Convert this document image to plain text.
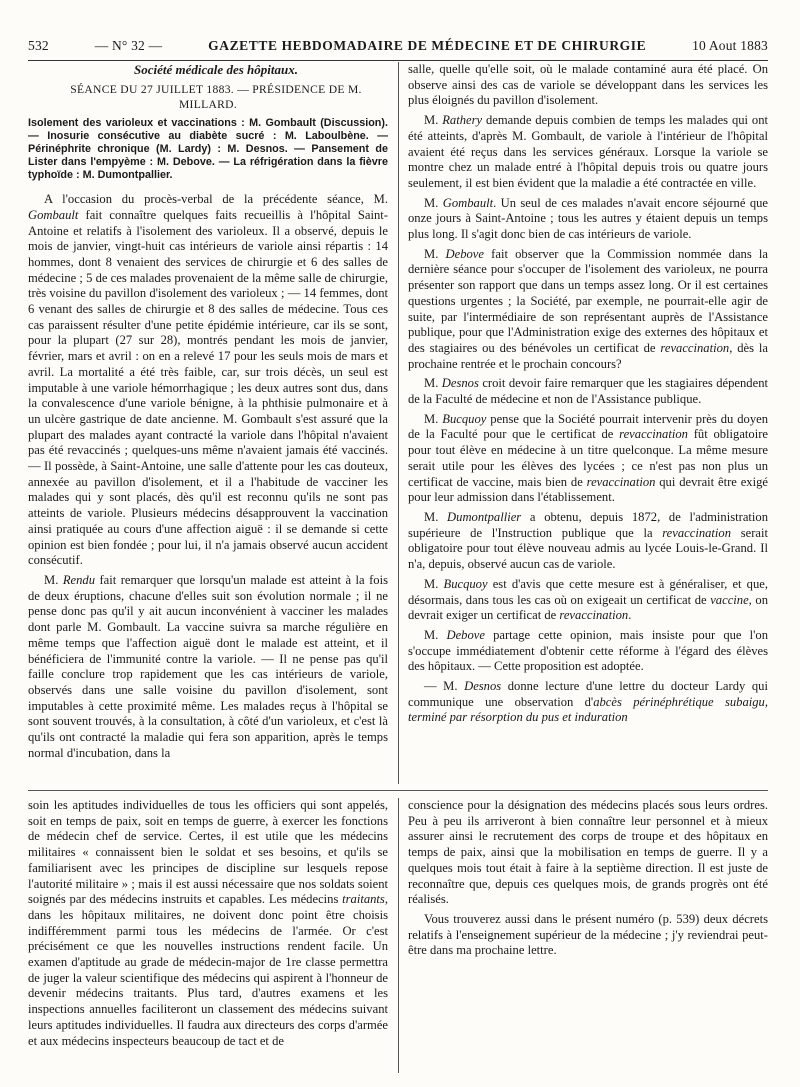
532	— N° 32 —	GAZETTE HEBDOMADAIRE DE MÉDECINE ET DE CHIRURGIE	10 Aout 1883

Société médicale des hôpitaux.

SÉANCE DU 27 JUILLET 1883. — PRÉSIDENCE DE M. MILLARD.

Isolement des varioleux et vaccinations : M. Gombault (Discussion). — Inosurie consécutive au diabète sucré : M. Laboulbène. — Périnéphrite chronique (M. Lardy) : M. Desnos. — Pansement de Lister dans l'empyème : M. Debove. — La réfrigération dans la fièvre typhoïde : M. Dumontpallier.

A l'occasion du procès-verbal de la précédente séance, M. Gombault fait connaître quelques faits recueillis à l'hôpital Saint-Antoine et relatifs à l'isolement des varioleux. Il a observé, depuis le mois de janvier, vingt-huit cas intérieurs de variole ainsi répartis : 14 hommes, dont 8 venaient des services de chirurgie et 6 des salles de médecine ; 5 de ces malades provenaient de la même salle de chirurgie, très voisine du pavillon d'isolement des varioleux ; — 14 femmes, dont 6 venant des salles de chirurgie et 8 des salles de médecine. Tous ces cas paraissent résulter d'une petite épidémie intérieure, car ils se sont, pour la plupart (27 sur 28), montrés pendant les mois de janvier, février, mars et avril : on en a relevé 17 pour les seuls mois de mars et avril. La mortalité a été très faible, car, sur trois décès, un seul est imputable à une variole hémorrhagique ; les deux autres sont dus, dans la convalescence d'une variole bénigne, à la phthisie pulmonaire et à un ulcère gastrique de date ancienne. M. Gombault s'est assuré que la plupart des malades ayant contracté la variole dans l'hôpital n'avaient pas été revaccinés ; quelques-uns même n'avaient jamais été vaccinés. — Il possède, à Saint-Antoine, une salle d'attente pour les cas douteux, annexée au pavillon d'isolement, et il a l'habitude de vacciner les malades qui y sont placés, dès qu'il est reconnu qu'ils ne sont pas atteints de variole. Plusieurs médecins désapprouvent la vaccination ainsi pratiquée au cours d'une affection aiguë : il se demande si cette opinion est bien fondée ; pour lui, il n'a jamais observé aucun accident consécutif.

M. Rendu fait remarquer que lorsqu'un malade est atteint à la fois de deux éruptions, chacune d'elles suit son évolution normale ; il ne pense donc pas qu'il y ait aucun inconvénient à vacciner les malades dont parle M. Gombault. La vaccine suivra sa marche régulière en même temps que l'affection aiguë dont le malade est atteint, et il bénéficiera de l'immunité contre la variole. — Il ne pense pas qu'il faille conclure trop rapidement que les cas intérieurs de variole, observés dans une salle voisine du pavillon d'isolement, sont imputables à cette proximité même. Les malades reçus à l'hôpital se sont souvent trouvés, à la consultation, à côté d'un varioleux, et c'est là qu'ils ont contracté la maladie qui fera son apparition, après le temps normal d'incubation, dans la

salle, quelle qu'elle soit, où le malade contaminé aura été placé. On observe ainsi des cas de variole se développant dans les services les plus éloignés du pavillon d'isolement.

M. Rathery demande depuis combien de temps les malades qui ont été atteints, d'après M. Gombault, de variole à l'intérieur de l'hôpital avaient été reçus dans les services généraux. Lorsque la variole se montre chez un malade entré à l'hôpital depuis trois ou quatre jours seulement, il est bien évident que la maladie a été contractée en ville.

M. Gombault. Un seul de ces malades n'avait encore séjourné que onze jours à Saint-Antoine ; tous les autres y étaient depuis un temps plus long. Il s'agit donc bien de cas intérieurs de variole.

M. Debove fait observer que la Commission nommée dans la dernière séance pour s'occuper de l'isolement des varioleux, ne pourra présenter son rapport que dans un temps assez long. Or il est certaines questions urgentes ; la Société, par exemple, ne pourrait-elle agir de suite, par l'intermédiaire de son représentant auprès de l'Assistance publique, pour que l'Administration exige des externes des hôpitaux et des stagiaires ou des bénévoles un certificat de revaccination, dès la prochaine rentrée et le prochain concours?

M. Desnos croit devoir faire remarquer que les stagiaires dépendent de la Faculté de médecine et non de l'Assistance publique.

M. Bucquoy pense que la Société pourrait intervenir près du doyen de la Faculté pour que le certificat de revaccination fût obligatoire pour tout élève en médecine à un titre quelconque. La même mesure serait utile pour les élèves des lycées ; ce n'est pas non plus un certificat de vaccine, mais bien de revaccination qui devrait être exigé pour leur admission dans l'établissement.

M. Dumontpallier a obtenu, depuis 1872, de l'administration supérieure de l'Instruction publique que la revaccination serait obligatoire pour tout élève nouveau admis au lycée Louis-le-Grand. Il n'a, depuis, observé aucun cas de variole.

M. Bucquoy est d'avis que cette mesure est à généraliser, et que, désormais, dans tous les cas où on exigeait un certificat de vaccine, on devrait exiger un certificat de revaccination.

M. Debove partage cette opinion, mais insiste pour que l'on s'occupe immédiatement d'obtenir cette réforme à l'égard des élèves des hôpitaux. — Cette proposition est adoptée.

— M. Desnos donne lecture d'une lettre du docteur Lardy qui communique une observation d'abcès périnéphrétique subaigu, terminé par résorption du pus et induration

soin les aptitudes individuelles de tous les officiers qui sont appelés, soit en temps de paix, soit en temps de guerre, à exercer les fonctions de médecin chef de service. Certes, il est utile que les médecins militaires « connaissent bien le soldat et ses besoins, et qu'ils se familiarisent avec les principes de discipline sur lesquels repose l'autorité militaire » ; mais il est aussi nécessaire que nos soldats soient soignés par des médecins instruits et capables. Les médecins traitants, dans les hôpitaux militaires, ne doivent donc point être choisis indifféremment parmi tous les médecins de l'armée. Or c'est précisément ce que les nouvelles instructions rendent facile. Un examen d'aptitude au grade de médecin-major de 1re classe permettra de juger la valeur scientifique des médecins qui aspirent à l'honneur de devenir médecins traitants. Plus tard, d'autres examens et les inspections annuelles faciliteront un classement des médecins suivant leurs aptitudes individuelles. Il faudra aux directeurs des corps d'armée et aux médecins inspecteurs beaucoup de tact et de

conscience pour la désignation des médecins placés sous leurs ordres. Peu à peu ils arriveront à bien connaître leur personnel et à mieux assurer ainsi le recrutement des corps de troupe et des hôpitaux en temps de paix, ainsi que la mobilisation en temps de guerre. Il y a quelques mois tout était à faire à la septième direction. Il est juste de reconnaître que, depuis ces quelques mois, de grands progrès ont été réalisés.

Vous trouverez aussi dans le présent numéro (p. 539) deux décrets relatifs à l'enseignement supérieur de la médecine ; j'y reviendrai peut-être dans ma prochaine lettre.
